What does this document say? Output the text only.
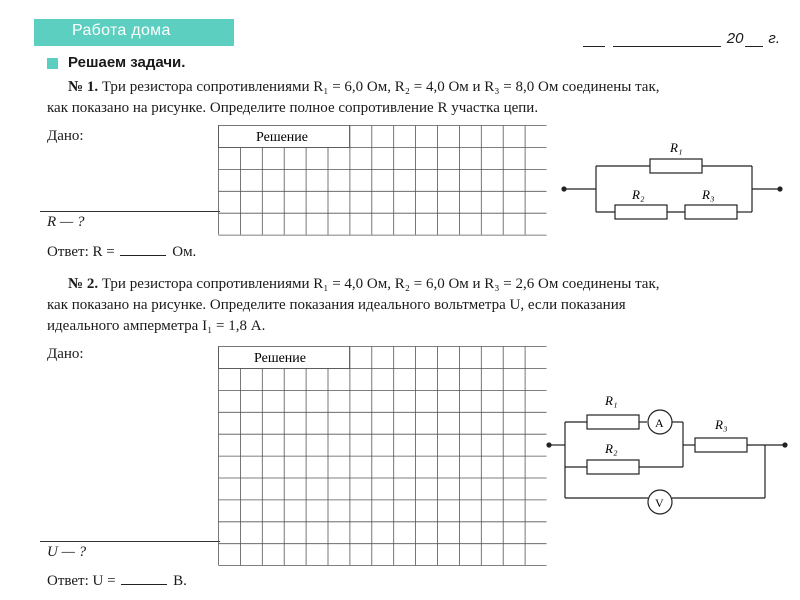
Работа дома	20 г.
Решаем задачи.
№ 1. Три резистора сопротивлениями R₁ = 6,0 Ом, R₂ = 4,0 Ом и R₃ = 8,0 Ом соединены так,
как показано на рисунке. Определите полное сопротивление R участка цепи.
Дано:
R — ?
Ответ: R =	Ом.
Решение
R₁
R₂	R₃
№ 2. Три резистора сопротивлениями R₁ = 4,0 Ом, R₂ = 6,0 Ом и R₃ = 2,6 Ом соединены так,
как показано на рисунке. Определите показания идеального вольтметра U, если показания
идеального амперметра I₁ = 1,8 А.
Дано:
U — ?
Ответ: U =	В.
Решение
A
V
R₁
R₂
R₃
